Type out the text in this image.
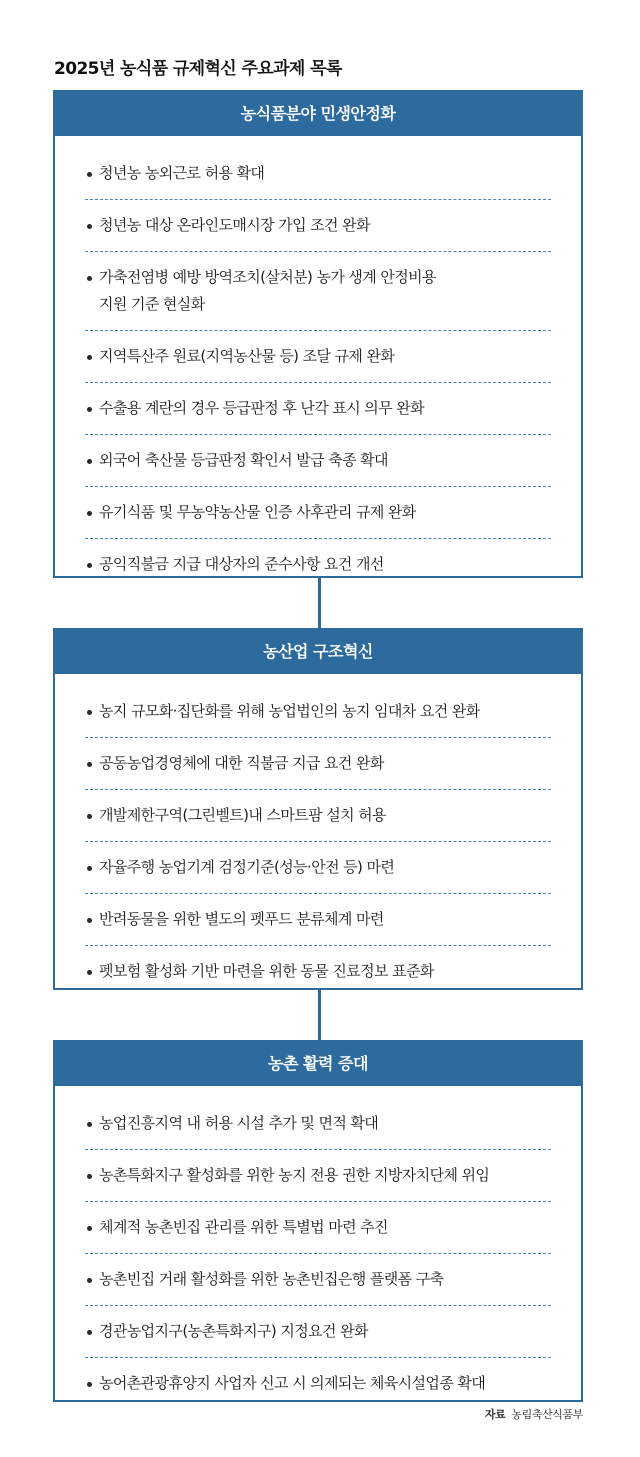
2025년 농식품 규제혁신 주요과제 목록
농식품분야 민생안정화
청년농 농외근로 허용 확대
청년농 대상 온라인도매시장 가입 조건 완화
가축전염병 예방 방역조치(살처분) 농가 생계 안정비용
지원 기준 현실화
지역특산주 원료(지역농산물 등) 조달 규제 완화
수출용 계란의 경우 등급판정 후 난각 표시 의무 완화
외국어 축산물 등급판정 확인서 발급 축종 확대
유기식품 및 무농약농산물 인증 사후관리 규제 완화
공익직불금 지급 대상자의 준수사항 요건 개선
농산업 구조혁신
농지 규모화·집단화를 위해 농업법인의 농지 임대차 요건 완화
공동농업경영체에 대한 직불금 지급 요건 완화
개발제한구역(그린벨트)내 스마트팜 설치 허용
자율주행 농업기계 검정기준(성능·안전 등) 마련
반려동물을 위한 별도의 펫푸드 분류체계 마련
펫보험 활성화 기반 마련을 위한 동물 진료정보 표준화
농촌 활력 증대
농업진흥지역 내 허용 시설 추가 및 면적 확대
농촌특화지구 활성화를 위한 농지 전용 권한 지방자치단체 위임
체계적 농촌빈집 관리를 위한 특별법 마련 추진
농촌빈집 거래 활성화를 위한 농촌빈집은행 플랫폼 구축
경관농업지구(농촌특화지구) 지정요건 완화
농어촌관광휴양지 사업자 신고 시 의제되는 체육시설업종 확대
자료 농림축산식품부
